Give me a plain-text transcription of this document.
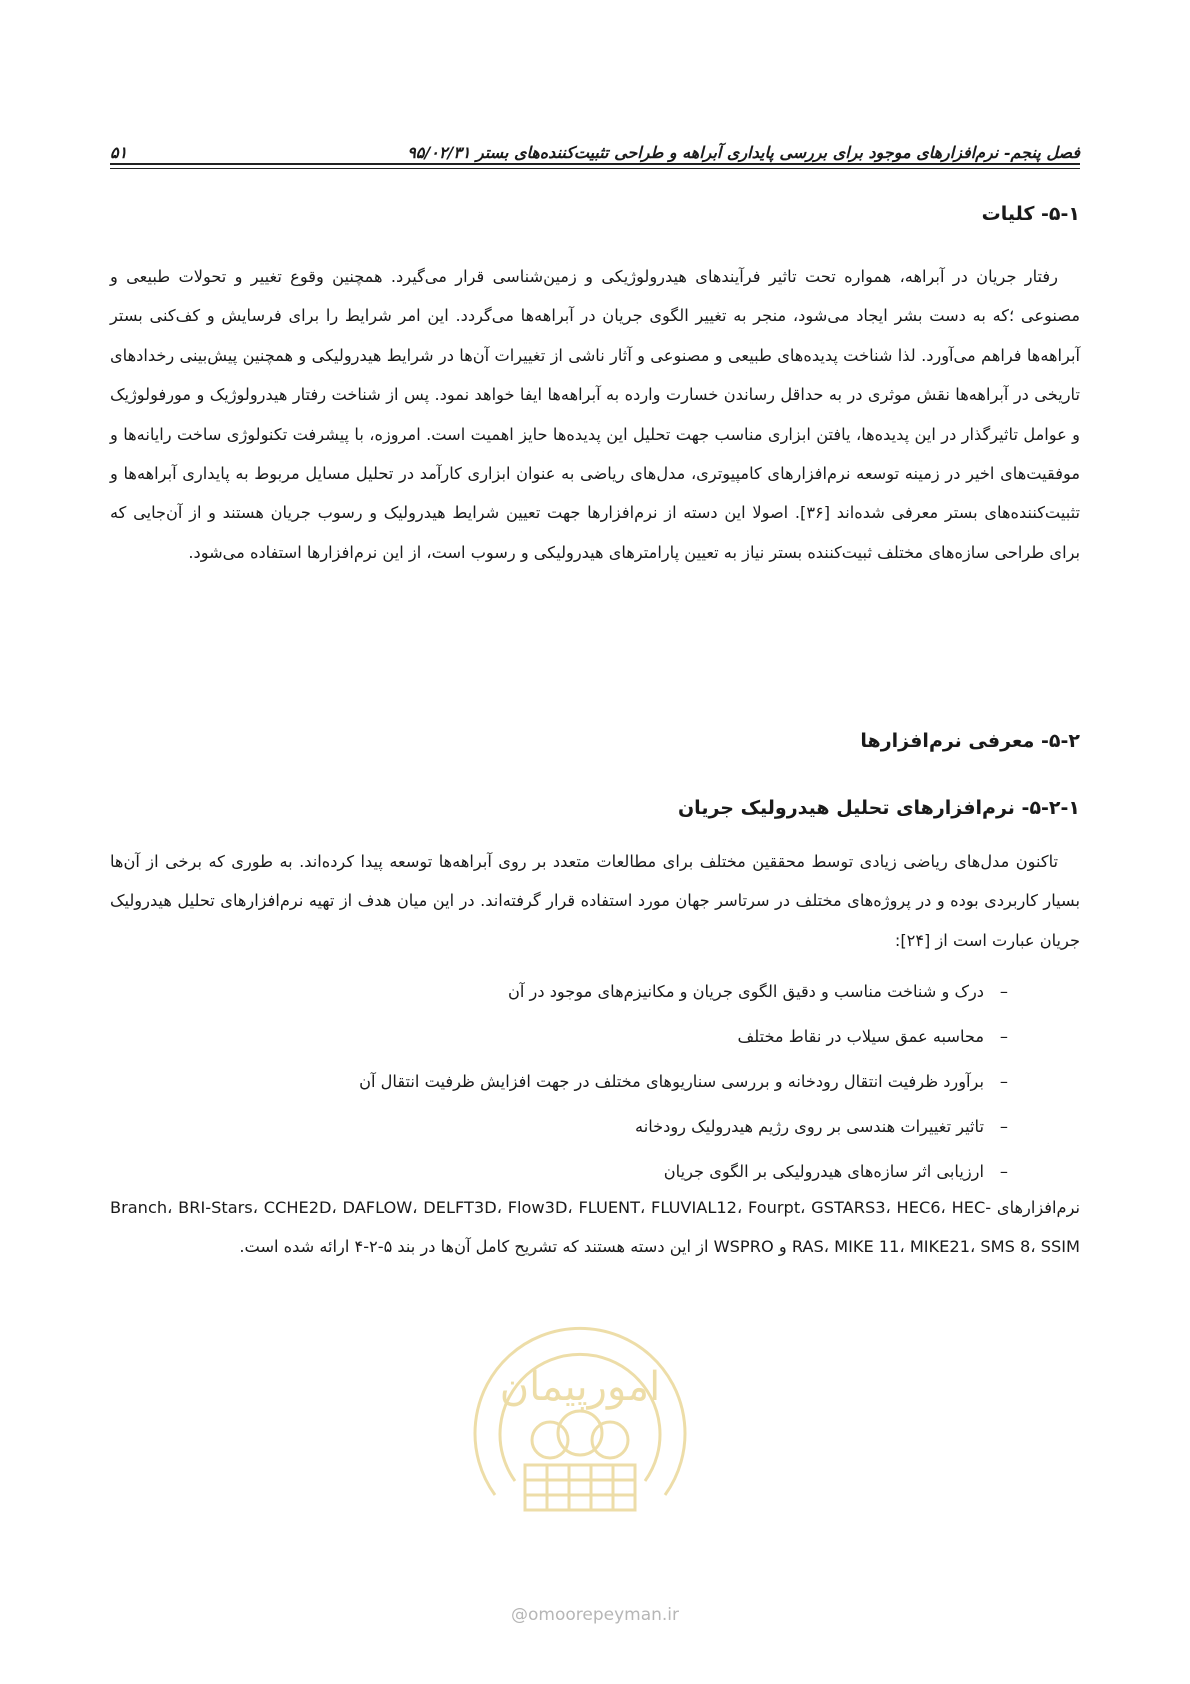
فصل پنجم- نرم‌افزارهای موجود برای بررسی پایداری آبراهه و طراحی تثبیت‌کننده‌های بستر ۹۵/۰۲/۳۱
۵۱
۵-۱- کلیات

رفتار جریان در آبراهه، همواره تحت تاثیر فرآیندهای هیدرولوژیکی و زمین‌شناسی قرار می‌گیرد. همچنین وقوع تغییر و تحولات طبیعی و مصنوعی ؛که به دست بشر ایجاد می‌شود، منجر به تغییر الگوی جریان در آبراهه‌ها می‌گردد. این امر شرایط را برای فرسایش و کف‌کنی بستر آبراهه‌ها فراهم می‌آورد. لذا شناخت پدیده‌های طبیعی و مصنوعی و آثار ناشی از تغییرات آن‌ها در شرایط هیدرولیکی و همچنین پیش‌بینی رخدادهای تاریخی در آبراهه‌ها نقش موثری در به حداقل رساندن خسارت وارده به آبراهه‌ها ایفا خواهد نمود. پس از شناخت رفتار هیدرولوژیک و مورفولوژیک و عوامل تاثیرگذار در این پدیده‌ها، یافتن ابزاری مناسب جهت تحلیل این پدیده‌ها حایز اهمیت است. امروزه، با پیشرفت تکنولوژی ساخت رایانه‌ها و موفقیت‌های اخیر در زمینه توسعه نرم‌افزارهای کامپیوتری، مدل‌های ریاضی به عنوان ابزاری کارآمد در تحلیل مسایل مربوط به پایداری آبراهه‌ها و تثبیت‌کننده‌های بستر معرفی شده‌اند [۳۶]. اصولا این دسته از نرم‌افزارها جهت تعیین شرایط هیدرولیک و رسوب جریان هستند و از آن‌جایی که برای طراحی سازه‌های مختلف ثبیت‌کننده بستر نیاز به تعیین پارامترهای هیدرولیکی و رسوب است، از این نرم‌افزارها استفاده می‌شود.

۵-۲- معرفی نرم‌افزارها
۵-۲-۱- نرم‌افزارهای تحلیل هیدرولیک جریان

تاکنون مدل‌های ریاضی زیادی توسط محققین مختلف برای مطالعات متعدد بر روی آبراهه‌ها توسعه پیدا کرده‌اند. به طوری که برخی از آن‌ها بسیار کاربردی بوده و در پروژه‌های مختلف در سرتاسر جهان مورد استفاده قرار گرفته‌اند. در این میان هدف از تهیه نرم‌افزارهای تحلیل هیدرولیک جریان عبارت است از [۲۴]:

–
درک و شناخت مناسب و دقیق الگوی جریان و مکانیزم‌های موجود در آن
–
محاسبه عمق سیلاب در نقاط مختلف
–
برآورد ظرفیت انتقال رودخانه و بررسی سناریوهای مختلف در جهت افزایش ظرفیت انتقال آن
–
تاثیر تغییرات هندسی بر روی رژیم هیدرولیک رودخانه
–
ارزیابی اثر سازه‌های هیدرولیکی بر الگوی جریان

نرم‌افزارهای Branch، BRI-Stars، CCHE2D، DAFLOW، DELFT3D، Flow3D، FLUENT، FLUVIAL12، Fourpt، GSTARS3، HEC6، HEC-RAS، MIKE 11، MIKE21، SMS 8، SSIM و WSPRO از این دسته هستند که تشریح کامل آن‌ها در بند ۵-۲-۴ ارائه شده است.

امورپیمان
@omoorepeyman.ir
